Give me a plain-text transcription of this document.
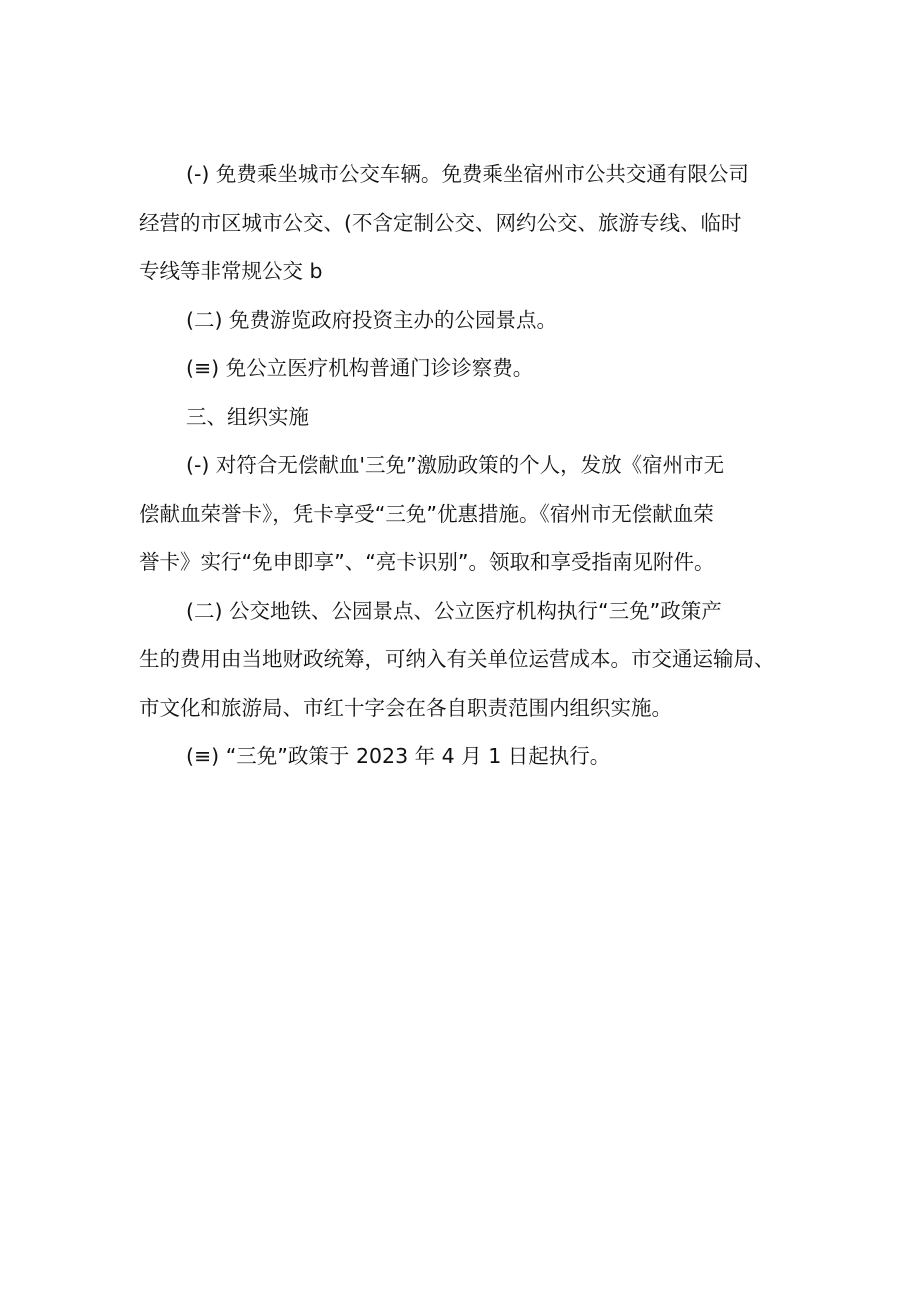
(-) 免费乘坐城市公交车辆。免费乘坐宿州市公共交通有限公司

经营的市区城市公交、(不含定制公交、网约公交、旅游专线、临时

专线等非常规公交 b

(二) 免费游览政府投资主办的公园景点。

(≡) 免公立医疗机构普通门诊诊察费。

三、组织实施

(-) 对符合无偿献血'三免”激励政策的个人，发放《宿州市无

偿献血荣誉卡》，凭卡享受“三免”优惠措施。《宿州市无偿献血荣

誉卡》实行“免申即享”、“亮卡识别”。领取和享受指南见附件。

(二) 公交地铁、公园景点、公立医疗机构执行“三免”政策产

生的费用由当地财政统筹，可纳入有关单位运营成本。市交通运输局、

市文化和旅游局、市红十字会在各自职责范围内组织实施。

(≡) “三免”政策于 2023 年 4 月 1 日起执行。
